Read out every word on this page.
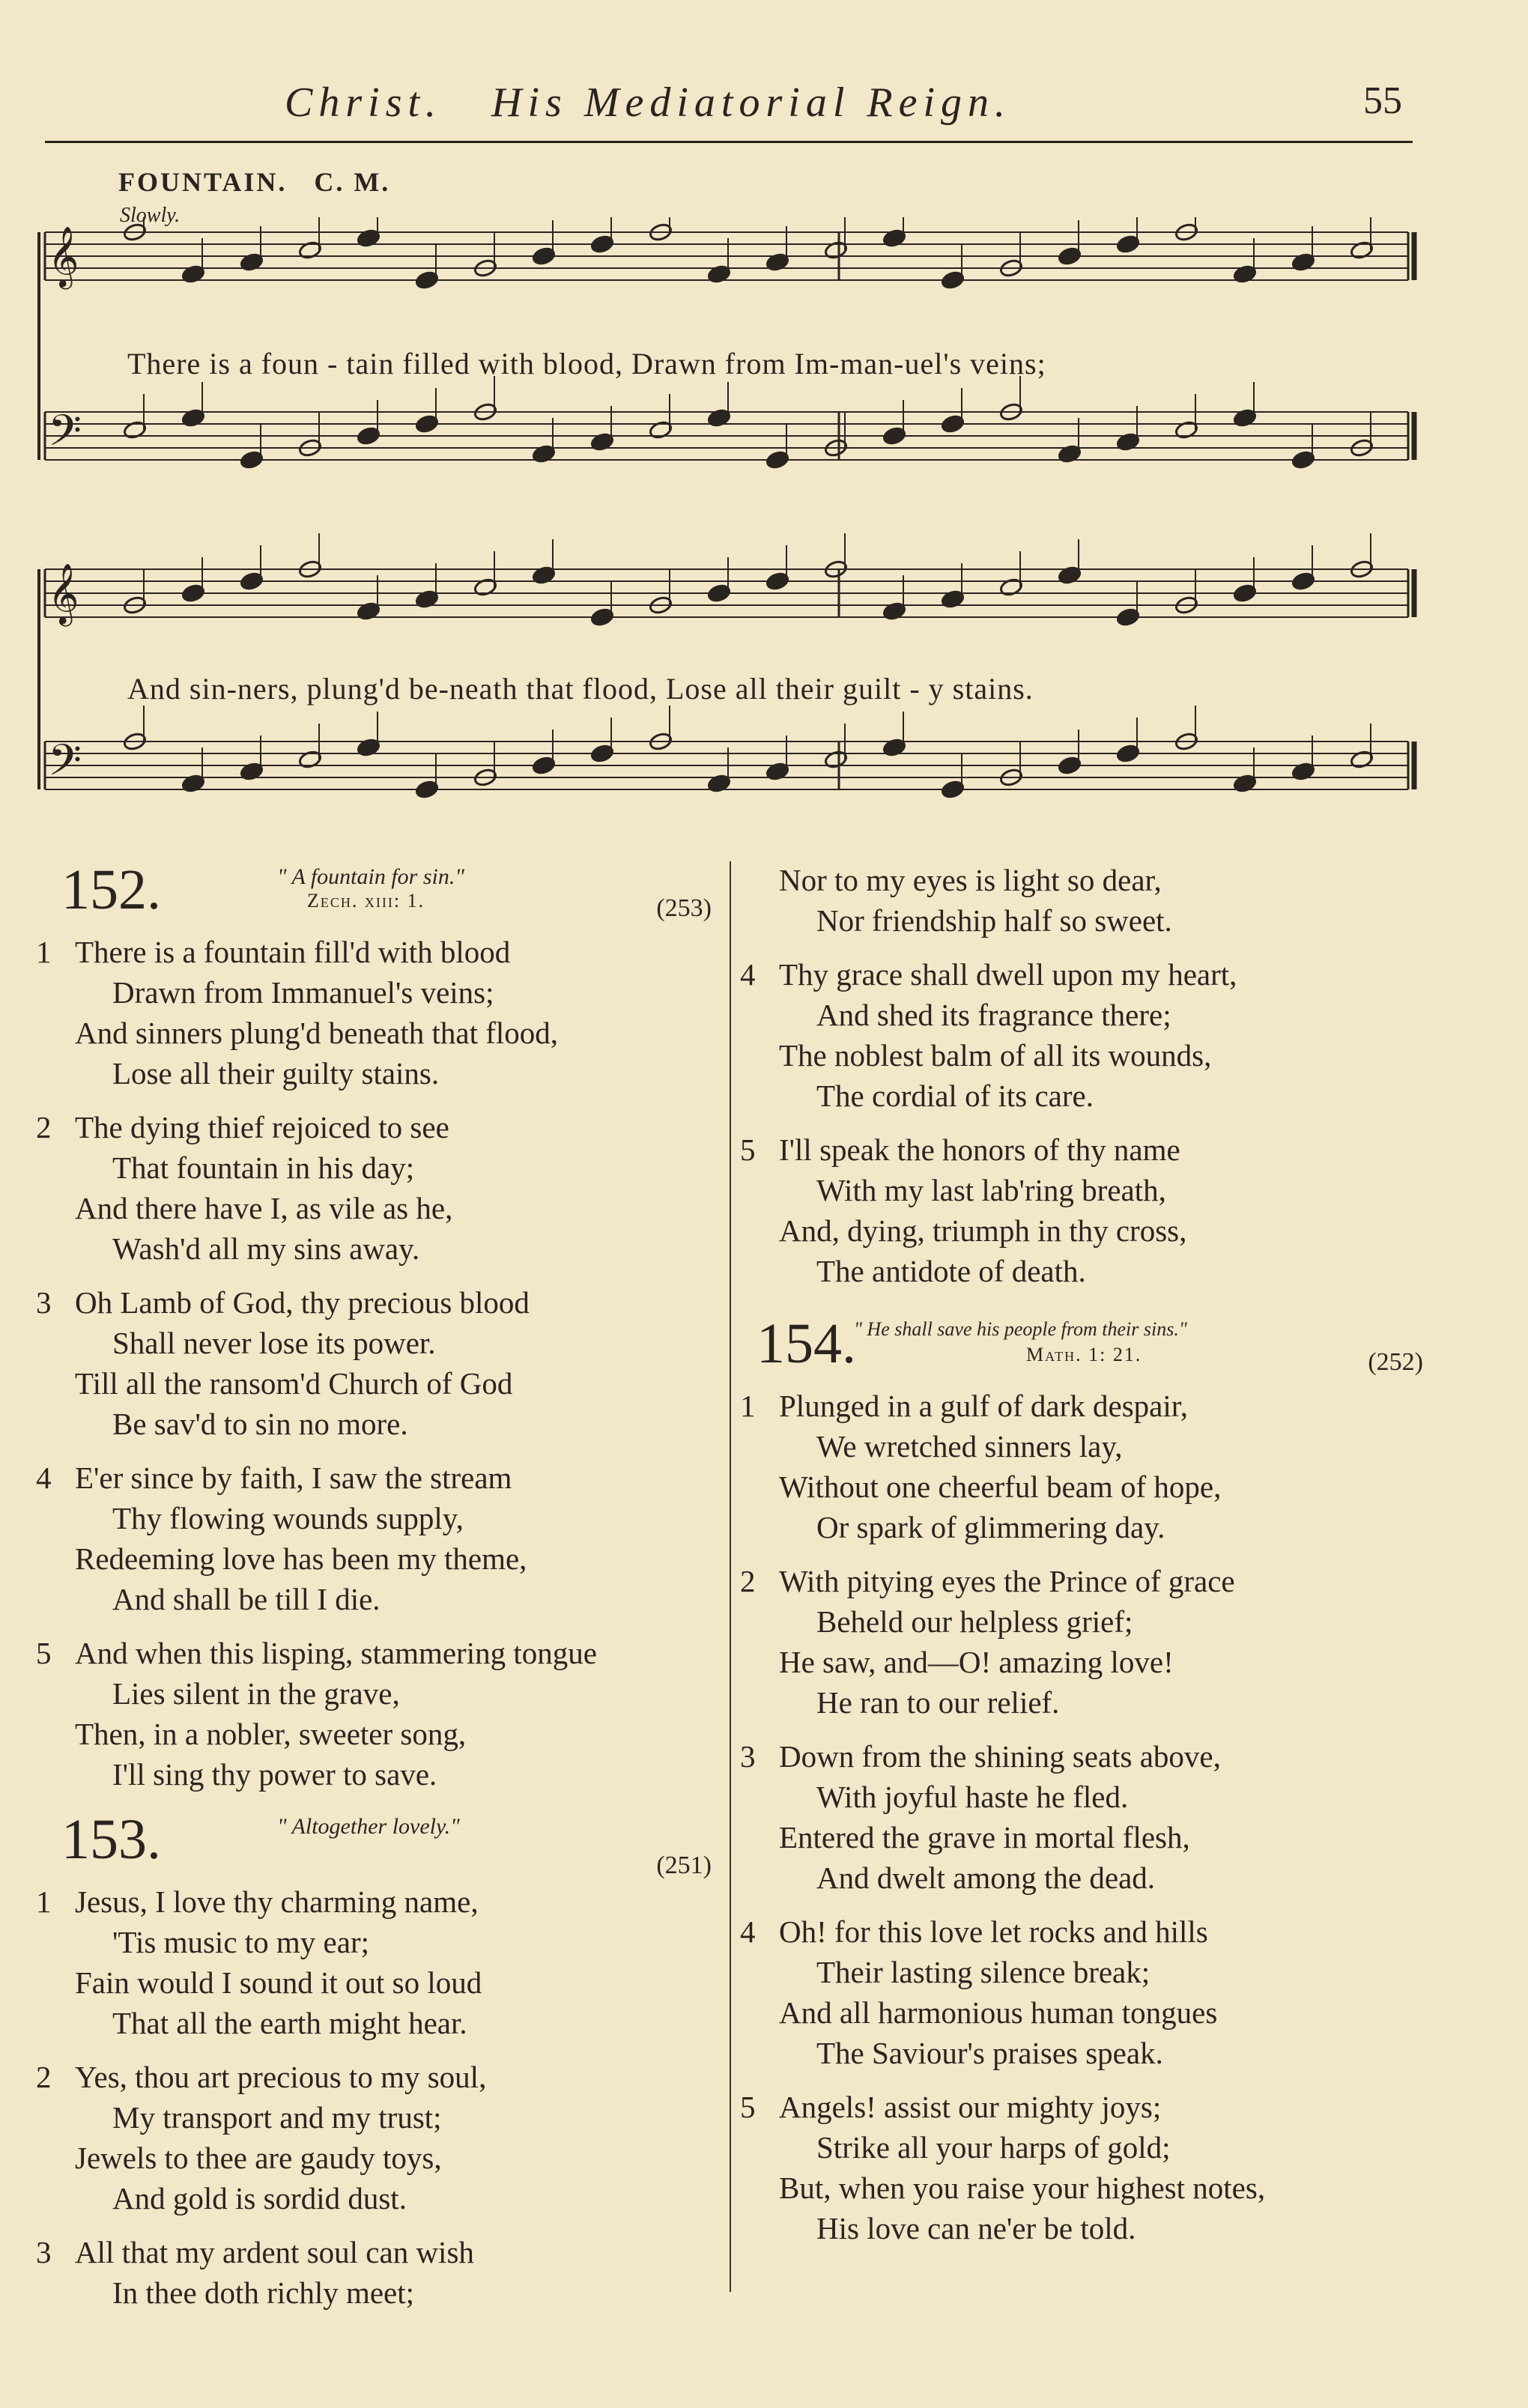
Christ.   His Mediatorial Reign.	55
FOUNTAIN.   C. M.
Slowly.
𝄞
𝄢
𝄞
𝄢
There is a foun - tain filled with blood, Drawn from Im-man-uel's veins;
And sin-ners, plung'd be-neath that flood, Lose all their guilt - y stains.
152.	" A fountain for sin."
Zech. xiii: 1.	(253)
1 There is a fountain fill'd with blood
Drawn from Immanuel's veins;
And sinners plung'd beneath that flood,
Lose all their guilty stains.
2 The dying thief rejoiced to see
That fountain in his day;
And there have I, as vile as he,
Wash'd all my sins away.
3 Oh Lamb of God, thy precious blood
Shall never lose its power.
Till all the ransom'd Church of God
Be sav'd to sin no more.
4 E'er since by faith, I saw the stream
Thy flowing wounds supply,
Redeeming love has been my theme,
And shall be till I die.
5 And when this lisping, stammering tongue
Lies silent in the grave,
Then, in a nobler, sweeter song,
I'll sing thy power to save.
153.	" Altogether lovely."
(251)
1 Jesus, I love thy charming name,
'Tis music to my ear;
Fain would I sound it out so loud
That all the earth might hear.
2 Yes, thou art precious to my soul,
My transport and my trust;
Jewels to thee are gaudy toys,
And gold is sordid dust.
3 All that my ardent soul can wish
In thee doth richly meet;
Nor to my eyes is light so dear,
Nor friendship half so sweet.
4 Thy grace shall dwell upon my heart,
And shed its fragrance there;
The noblest balm of all its wounds,
The cordial of its care.
5 I'll speak the honors of thy name
With my last lab'ring breath,
And, dying, triumph in thy cross,
The antidote of death.
154.
" He shall save his people from their sins."
Math. 1: 21.	(252)
1 Plunged in a gulf of dark despair,
We wretched sinners lay,
Without one cheerful beam of hope,
Or spark of glimmering day.
2 With pitying eyes the Prince of grace
Beheld our helpless grief;
He saw, and—O! amazing love!
He ran to our relief.
3 Down from the shining seats above,
With joyful haste he fled.
Entered the grave in mortal flesh,
And dwelt among the dead.
4 Oh! for this love let rocks and hills
Their lasting silence break;
And all harmonious human tongues
The Saviour's praises speak.
5 Angels! assist our mighty joys;
Strike all your harps of gold;
But, when you raise your highest notes,
His love can ne'er be told.
